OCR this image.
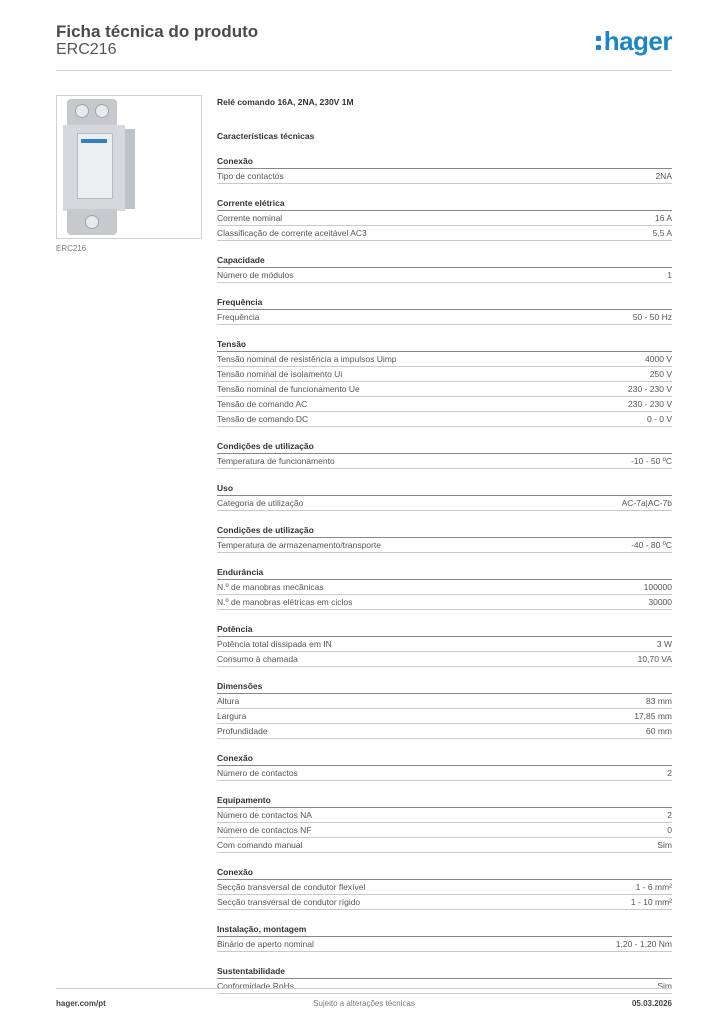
Ficha técnica do produto
ERC216	hager
ERC216
Relé comando 16A, 2NA, 230V 1M
Características técnicas
Conexão
Tipo de contactos	2NA
Corrente elétrica
Corrente nominal	16 A
Classificação de corrente aceitável AC3	5,5 A
Capacidade
Número de módulos	1
Frequência
Frequência	50 - 50 Hz
Tensão
Tensão nominal de resistência a impulsos Uimp	4000 V
Tensão nominal de isolamento Ui	250 V
Tensão nominal de funcionamento Ue	230 - 230 V
Tensão de comando AC	230 - 230 V
Tensão de comando DC	0 - 0 V
Condições de utilização
Temperatura de funcionamento	-10 - 50 ºC
Uso
Categoria de utilização	AC-7a|AC-7b
Condições de utilização
Temperatura de armazenamento/transporte	-40 - 80 ºC
Endurância
N.º de manobras mecânicas	100000
N.º de manobras elétricas em ciclos	30000
Potência
Potência total dissipada em IN	3 W
Consumo à chamada	10,70 VA
Dimensões
Altura	83 mm
Largura	17,85 mm
Profundidade	60 mm
Conexão
Número de contactos	2
Equipamento
Número de contactos NA	2
Número de contactos NF	0
Com comando manual	Sim
Conexão
Secção transversal de condutor flexível	1 - 6 mm²
Secção transversal de condutor rígido	1 - 10 mm²
Instalação, montagem
Binário de aperto nominal	1,20 - 1,20 Nm
Sustentabilidade
Conformidade RoHs	Sim
hager.com/pt	Sujeito a alterações técnicas	05.03.2026
